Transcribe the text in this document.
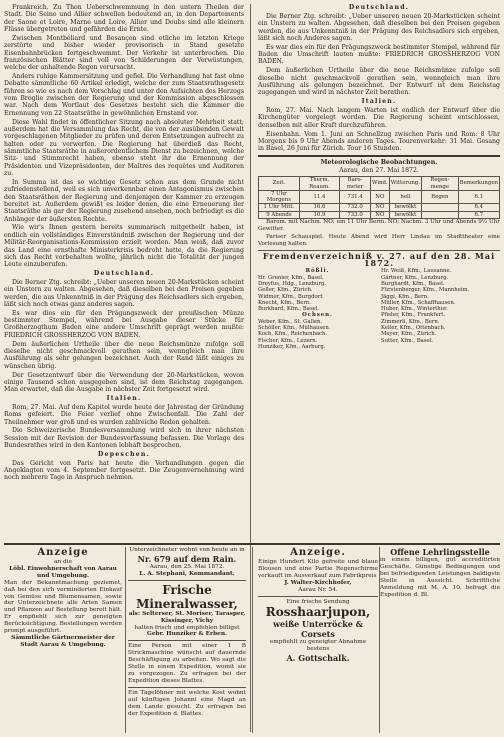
Frankreich. Zu Thon Ueberschwemmung in den untern Theilen der Stadt. Die Seine und Allier schwellen bedeutend an, in den Departements der Saone et Loire, Marne und Loire, Allier und Doubs sind alle kleinern Flüsse übergetreten und gefährden die Ernte.

Zwischen Montbéliard und Besançon sind etliche im letzten Kriege zerstörte und bisher wieder provisorisch in Stand gesetzte Eisenbahnbrücken fortgeschwemmt. Der Verkehr ist unterbrochen. Die französischen Blätter sind voll von Schilderungen der Verwüstungen, welche der anhaltende Regen verursacht.

Anders ruhige Kammersitzung und gefiel. Die Verhandlung hat fast ohne Debatte sämmtliche 60 Artikel erledigt, welche der zum Staatsrathsgesetz führen so wie es nach dem Vorschlag und unter den Aufsichten des Herzogs vom Broglie zwischen der Regierung und der Kommission abgeschlossen war. Nach dem Wortlaut des Gesetzes besteht sich die Kammer die Ernennung von 22 Staatsräthe in gewöhnlichen Ernstand vor.

Diese Wahl findet in öffentlicher Sitzung nach absoluter Mehrheit statt; außerdem hat die Versammlung das Recht, die von der ausübenden Gewalt vorgeschlagenen Mitglieder zu prüfen und deren Entsetzungen aufrecht zu halten oder zu verwerfen. Die Regierung hat überdieß das Recht, sämmtliche Staatsräthe in außerordentlichem Dienst zu bezeichnen, welche Sitz- und Stimmrecht haben, ebenso steht ihr die Ernennung der Präsidenten und Vizepräsidenten, der Maîtres des requêtes und Auditoren zu.

In Summa ist das so wichtige Gesetz schon aus dem Grunde nicht zufriedenstellend, weil es sich unverkennbar einen Antagonismus zwischen den Staatsräthen der Regierung und denjenigen der Kammer zu erzeugen bereitet ist. Außerdem gewißt es leider denen, die eine Erneuerung der Staatsräthe als gar der Regierung zusehend ansehen, noch befriedigt es die Anhänger der äußersten Rechte.

Wie wir's Ihnen gestern bereits summarisch mitgetheilt haben, ist endlich ein vollständiges Einverständniß zwischen der Regierung und der Militär-Reorganisations-Kommission erzielt worden. Man weiß, daß zuvor das Land eine ernsthafte Ministerkrisis bedroht hatte, da die Regierung sich das Recht vorbehalten wollte, jährlich nicht die Totalität der jungen Leute einzuberufen.

Deutschland.

Die Berner Ztg. schreibt: „Ueber unseren neuen 20-Markstücken scheint ein Unstern zu walten. Abgesehen, daß dieselben bei den Preisen gegeben werden, die aus Unkenntniß in der Prägung des Reichsadlers sich ergeben, läßt sich noch etwas ganz anderes sagen.

Es war dies ein für den Prägungszweck der preußischen Münze bestimmter Stempel, während bei Ausgabe dieser Stücke für Großherzogthum Baden eine andere Umschrift geprägt werden mußte: FRIEDRICH GROSSHERZOG VON BADEN.

Dem äußerlichen Urtheile über die neue Reichsmünze zufolge soll dieselbe nicht geschmackvoll gerathen sein, wenngleich man ihre Ausführung als sehr gelungen bezeichnet. Auch der Rand läßt einiges zu wünschen übrig.

Der Gesetzentwurf über die Verwendung der 20-Markstücken, wovon einige Tausend schon ausgegeben sind, ist dem Reichstag zugegangen. Man erwartet, daß die Ausgabe in nächster Zeit fortgesetzt wird.

Italien.

Rom, 27. Mai. Auf dem Kapitol wurde heute der Jahrestag der Gründung Roms gefeiert. Die Feier verlief ohne Zwischenfall. Die Zahl der Theilnehmer war groß und es wurden zahlreiche Reden gehalten.

Die Schweizerische Bundesversammlung wird sich in ihrer nächsten Session mit der Revision der Bundesverfassung befassen. Die Vorlage des Bundesrathes wird in den Kantonen lebhaft besprochen.

Depeschen.

Das Gericht von Paris hat heute die Verhandlungen gegen die Angeklagten vom 4. September fortgesetzt. Die Zeugenvernehmung wird noch mehrere Tage in Anspruch nehmen.

Deutschland.

Die Berner Ztg. schreibt: „Ueber unseren neuen 20-Markstücken scheint ein Unstern zu walten. Abgesehen, daß dieselben bei den Preisen gegeben werden, die aus Unkenntniß in der Prägung des Reichsadlers sich ergeben, läßt sich noch Anderes sagen.

Es war dies ein für den Prägungszweck bestimmter Stempel, während für Baden die Umschrift lauten mußte: FRIEDRICH GROSSHERZOG VON BADEN.

Dem äußerlichen Urtheile über die neue Reichsmünze zufolge soll dieselbe nicht geschmackvoll gerathen sein, wenngleich man ihre Ausführung als gelungen bezeichnet. Der Entwurf ist dem Reichstag zugegangen und wird in nächster Zeit berathen.

Italien.

Rom, 27. Mai. Nach langem Warten ist endlich der Entwurf über die Kirchengüter vorgelegt worden. Die Regierung scheint entschlossen, denselben mit aller Kraft durchzuführen.

Eisenbahn. Vom 1. Juni an Schnellzug zwischen Paris und Rom: 8 Uhr Morgens bis 9 Uhr Abends anderen Tages. Tourenverkehr: 31 Mai. Gesang in Basel, 26 Juni für Zürich. Tour 16 Stunden.

Meteorologische Beobachtungen.

Aarau, den 27. Mai 1872.

Zeit.	Therm. Reaum.	Baro-meter	Wind.	Witterung.	Regen-menge	Bemerkungen
7 Uhr Morgens	11.4	731.4	NO	hell	Regen	6.1
1 Uhr Mitt.	16.6	732.0	NO	bewölkt		6.4
9 Abends	10.9	733.0	NO	bewölkt		6.7

Barom. mit Nachm. NO; um 11 Uhr Berm. NO; Nachm. 3 Uhr und Abends 9½ Uhr Gewitter.

Pariser Schauspiel. Heute Abend wird Herr Lindau im Stadttheater eine Vorlesung halten.

Fremdenverzeichniß v. 27. auf den 28. Mai 1872.
Rößli.
Hr. Grenier, Kfm., Basel.
Dreyfus, Hdg., Lenzburg.
Geller, Kfm., Zürich.
Widmer, Kfm., Burgdorf.
Knecht, Kfm., Bern.
Burkhard, Kfm., Basel.
Ochsen.
Weber, Kfm., St. Gallen.
Schöller, Kfm., Mülhausen.
Koch, Kfm., Reichenbach.
Fischer, Kfm., Luzern.
Hunziker, Kfm., Aarburg.
Hr. Weiß, Kfm., Lausanne.
Gärtner, Kfm., Lenzburg.
Burghardt, Kfm., Basel.
Fürstenberger, Kfm., Mannheim.
Jäggi, Kfm., Bern.
Müller, Kfm., Schaffhausen.
Huber, Kfm., Winterthur.
Pfister, Kfm., Frankfurt.
Zimmerli, Kfm., Bern.
Keller, Kfm., Ottenbach.
Meyer, Kfm., Zürich.
Sutter, Kfm., Basel.
Anzeige
an die
Löbl. Einwohnerschaft von Aarau
und Umgebung.
Man der Bekanntmachung geziemet, daß bei den sich verminderten Einkauf von Gemüse und Blumensamen, sowie der Unterzeichnete alle Arten Samen und Pflanzen auf Bestellung bereit hält. Er empfiehlt sich zur geneigten Berücksichtigung. Bestellungen werden prompt ausgeführt.
Sämmtliche Gärtnermeister der
Stadt Aarau & Umgebung.
Unterzeichneter wohnt von heute an in
Nr. 679 auf dem Rain.
Aarau, den 25. Mai 1872.
L. A. Stephani, Kommandant.
Frische Mineralwasser,
als: Selterser, St. Moriser, Tarasper, Kissinger, Vichy
halten frisch und empfehlen billigst
Gebr. Hunziker & Erben.
Eine Person mit einer 1 B Strickmaschine wünscht auf dauernde Beschäftigung zu arbeiten. Wo sagt die Stelle in einem Expedition, womit sie zu vorgezogen. Zu erfragen bei der Expedition dieses Blattes.
Ein Tagelöhner mit welche Kost wohnt auf künftigen Johanni eine Magd an dem Lande gesucht. Zu erfragen bei der Expedition d. Blattes.
Anzeige.
Einige Hundert Kilo gefreite und blaue Blousen und eine Partie Regenschirme verkauft im Ausverkauf zum Fabrikpreis
J. Walter-Kirchhofer,
Aarau Nr. 54.
Eine frische Sendung
Rosshaarjupon,
weiße Unterröcke & Corsets
empfiehlt zu geneigter Abnahme bestens
A. Gottschalk.
Offene Lehrlingsstelle
in einem billigen, gut accreditirten Geschäfte. Günstige Bedingungen und bei befriedigenden Leistungen baldigste Stelle in Aussicht. Schriftliche Anmeldung mit M. A. 10. befragt die Expedition d. Bl.
